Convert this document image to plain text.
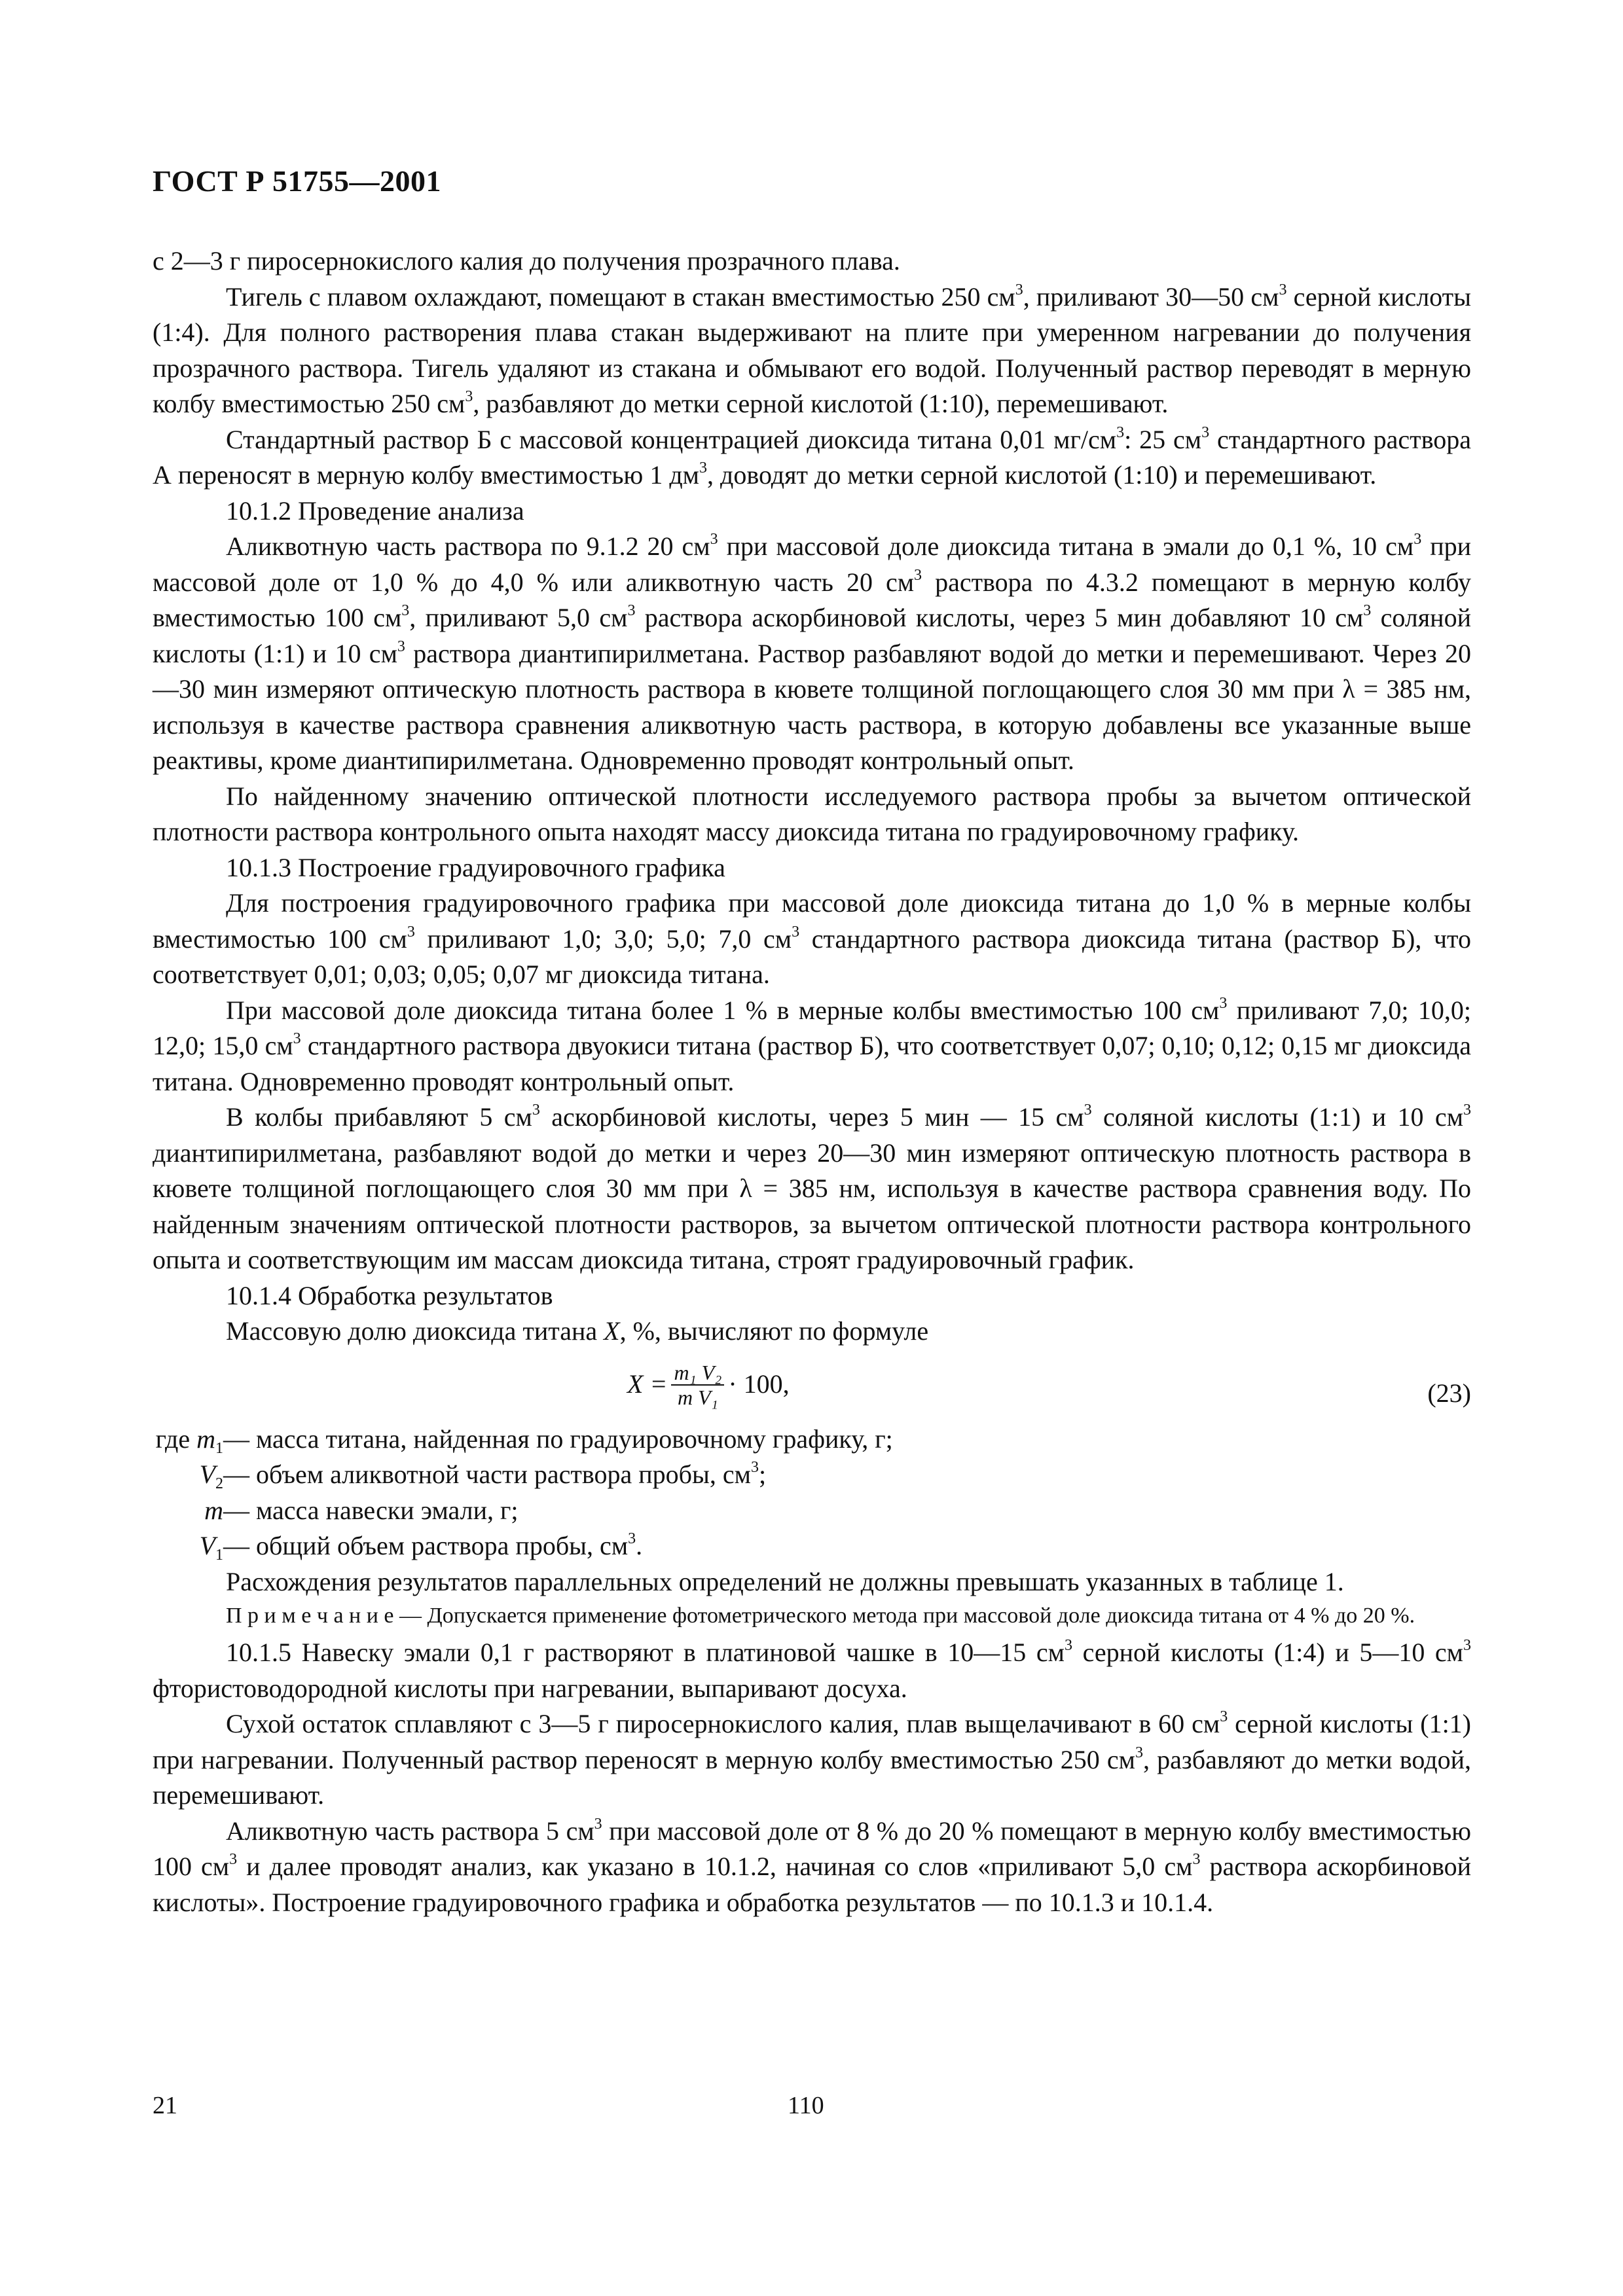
ГОСТ Р 51755—2001

с 2—3 г пиросернокислого калия до получения прозрачного плава.

Тигель с плавом охлаждают, помещают в стакан вместимостью 250 $см^3$, приливают 30—50 $см^3$ серной кислоты (1:4). Для полного растворения плава стакан выдерживают на плите при умеренном нагревании до получения прозрачного раствора. Тигель удаляют из стакана и обмывают его водой. Полученный раствор переводят в мерную колбу вместимостью 250 $см^3$, разбавляют до метки серной кислотой (1:10), перемешивают.

Стандартный раствор Б с массовой концентрацией диоксида титана 0,01 $мг/см^3$: 25 $см^3$ стандартного раствора А переносят в мерную колбу вместимостью 1 $дм^3$, доводят до метки серной кислотой (1:10) и перемешивают.

10.1.2 Проведение анализа

Аликвотную часть раствора по 9.1.2 20 $см^3$ при массовой доле диоксида титана в эмали до 0,1 %, 10 $см^3$ при массовой доле от 1,0 % до 4,0 % или аликвотную часть 20 $см^3$ раствора по 4.3.2 помещают в мерную колбу вместимостью 100 $см^3$, приливают 5,0 $см^3$ раствора аскорбиновой кислоты, через 5 мин добавляют 10 $см^3$ соляной кислоты (1:1) и 10 $см^3$ раствора диантипирилметана. Раствор разбавляют водой до метки и перемешивают. Через 20—30 мин измеряют оптическую плотность раствора в кювете толщиной поглощающего слоя 30 мм при λ = 385 нм, используя в качестве раствора сравнения аликвотную часть раствора, в которую добавлены все указанные выше реактивы, кроме диантипирилметана. Одновременно проводят контрольный опыт.

По найденному значению оптической плотности исследуемого раствора пробы за вычетом оптической плотности раствора контрольного опыта находят массу диоксида титана по градуировочному графику.

10.1.3 Построение градуировочного графика

Для построения градуировочного графика при массовой доле диоксида титана до 1,0 % в мерные колбы вместимостью 100 $см^3$ приливают 1,0; 3,0; 5,0; 7,0 $см^3$ стандартного раствора диоксида титана (раствор Б), что соответствует 0,01; 0,03; 0,05; 0,07 мг диоксида титана.

При массовой доле диоксида титана более 1 % в мерные колбы вместимостью 100 $см^3$ приливают 7,0; 10,0; 12,0; 15,0 $см^3$ стандартного раствора двуокиси титана (раствор Б), что соответствует 0,07; 0,10; 0,12; 0,15 мг диоксида титана. Одновременно проводят контрольный опыт.

В колбы прибавляют 5 $см^3$ аскорбиновой кислоты, через 5 мин — 15 $см^3$ соляной кислоты (1:1) и 10 $см^3$ диантипирилметана, разбавляют водой до метки и через 20—30 мин измеряют оптическую плотность раствора в кювете толщиной поглощающего слоя 30 мм при λ = 385 нм, используя в качестве раствора сравнения воду. По найденным значениям оптической плотности растворов, за вычетом оптической плотности раствора контрольного опыта и соответствующим им массам диоксида титана, строят градуировочный график.

10.1.4 Обработка результатов

Массовую долю диоксида титана X, %, вычисляют по формуле

$X = \frac{\text{m₁ V₂}}{\text{m V₁}} \cdot 100$,	(23)
где $m_1$ — масса титана, найденная по градуировочному графику, г;
$V_2$ — объем аликвотной части раствора пробы, $см^3$;
m — масса навески эмали, г;
$V_1$ — общий объем раствора пробы, $см^3$.

Расхождения результатов параллельных определений не должны превышать указанных в таблице 1.

П р и м е ч а н и е — Допускается применение фотометрического метода при массовой доле диоксида титана от 4 % до 20 %.

10.1.5 Навеску эмали 0,1 г растворяют в платиновой чашке в 10—15 $см^3$ серной кислоты (1:4) и 5—10 $см^3$ фтористоводородной кислоты при нагревании, выпаривают досуха.

Сухой остаток сплавляют с 3—5 г пиросернокислого калия, плав выщелачивают в 60 $см^3$ серной кислоты (1:1) при нагревании. Полученный раствор переносят в мерную колбу вместимостью 250 $см^3$, разбавляют до метки водой, перемешивают.

Аликвотную часть раствора 5 $см^3$ при массовой доле от 8 % до 20 % помещают в мерную колбу вместимостью 100 $см^3$ и далее проводят анализ, как указано в 10.1.2, начиная со слов «приливают 5,0 $см^3$ раствора аскорбиновой кислоты». Построение градуировочного графика и обработка результатов — по 10.1.3 и 10.1.4.

21	110
